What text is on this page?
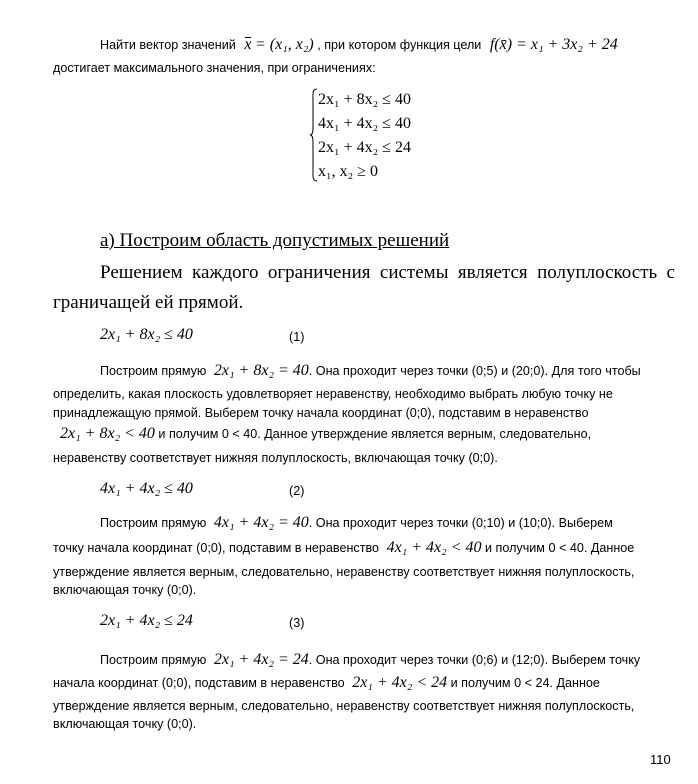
Найти вектор значений x = (x₁, x₂) , при котором функция цели f(x̄) = x₁ + 3x₂ + 24
достигает максимального значения, при ограничениях:
2x₁ + 8x₂ ≤ 40
4x₁ + 4x₂ ≤ 40
2x₁ + 4x₂ ≤ 24
x₁, x₂ ≥ 0
а) Построим область допустимых решений
Решением каждого ограничения системы является полуплоскость с
граничащей ей прямой.
2x₁ + 8x₂ ≤ 40	(1)
Построим прямую 2x₁ + 8x₂ = 40. Она проходит через точки (0;5) и (20;0). Для того чтобы
определить, какая плоскость удовлетворяет неравенству, необходимо выбрать любую точку не
принадлежащую прямой. Выберем точку начала координат (0;0), подставим в неравенство
2x₁ + 8x₂ < 40 и получим 0 < 40. Данное утверждение является верным, следовательно,
неравенству соответствует нижняя полуплоскость, включающая точку (0;0).
4x₁ + 4x₂ ≤ 40	(2)
Построим прямую 4x₁ + 4x₂ = 40. Она проходит через точки (0;10) и (10;0). Выберем
точку начала координат (0;0), подставим в неравенство 4x₁ + 4x₂ < 40 и получим 0 < 40. Данное
утверждение является верным, следовательно, неравенству соответствует нижняя полуплоскость,
включающая точку (0;0).
2x₁ + 4x₂ ≤ 24	(3)
Построим прямую 2x₁ + 4x₂ = 24. Она проходит через точки (0;6) и (12;0). Выберем точку
начала координат (0;0), подставим в неравенство 2x₁ + 4x₂ < 24 и получим 0 < 24. Данное
утверждение является верным, следовательно, неравенству соответствует нижняя полуплоскость,
включающая точку (0;0).
110
